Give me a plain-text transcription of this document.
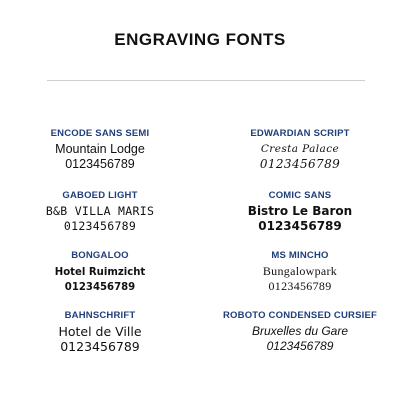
ENGRAVING FONTS
ENCODE SANS SEMI
Mountain Lodge
0123456789
GABOED LIGHT
B&B VILLA MARIS
0123456789
BONGALOO
Hotel Ruimzicht
0123456789
BAHNSCHRIFT
Hotel de Ville
0123456789
EDWARDIAN SCRIPT
Cresta Palace
0123456789
COMIC SANS
Bistro Le Baron
0123456789
MS MINCHO
Bungalowpark
0123456789
ROBOTO CONDENSED CURSIEF
Bruxelles du Gare
0123456789
